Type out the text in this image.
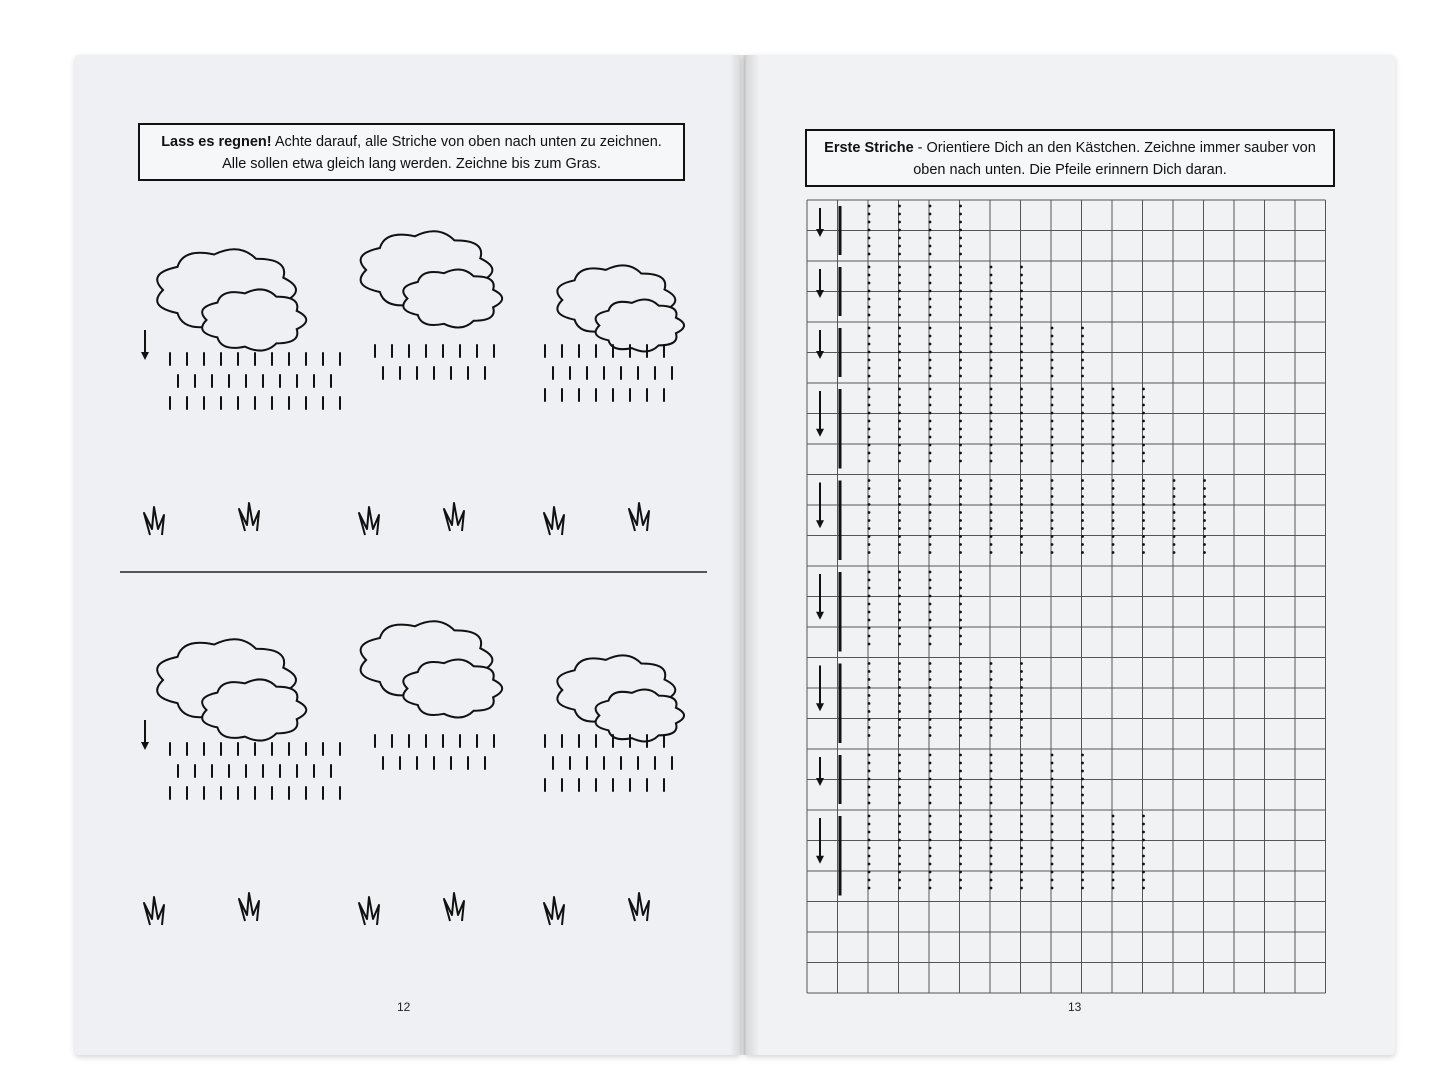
Lass es regnen! Achte darauf, alle Striche von oben nach unten zu zeichnen. Alle sollen etwa gleich lang werden. Zeichne bis zum Gras.
Erste Striche - Orientiere Dich an den Kästchen. Zeichne immer sauber von oben nach unten. Die Pfeile erinnern Dich daran.
12	13
